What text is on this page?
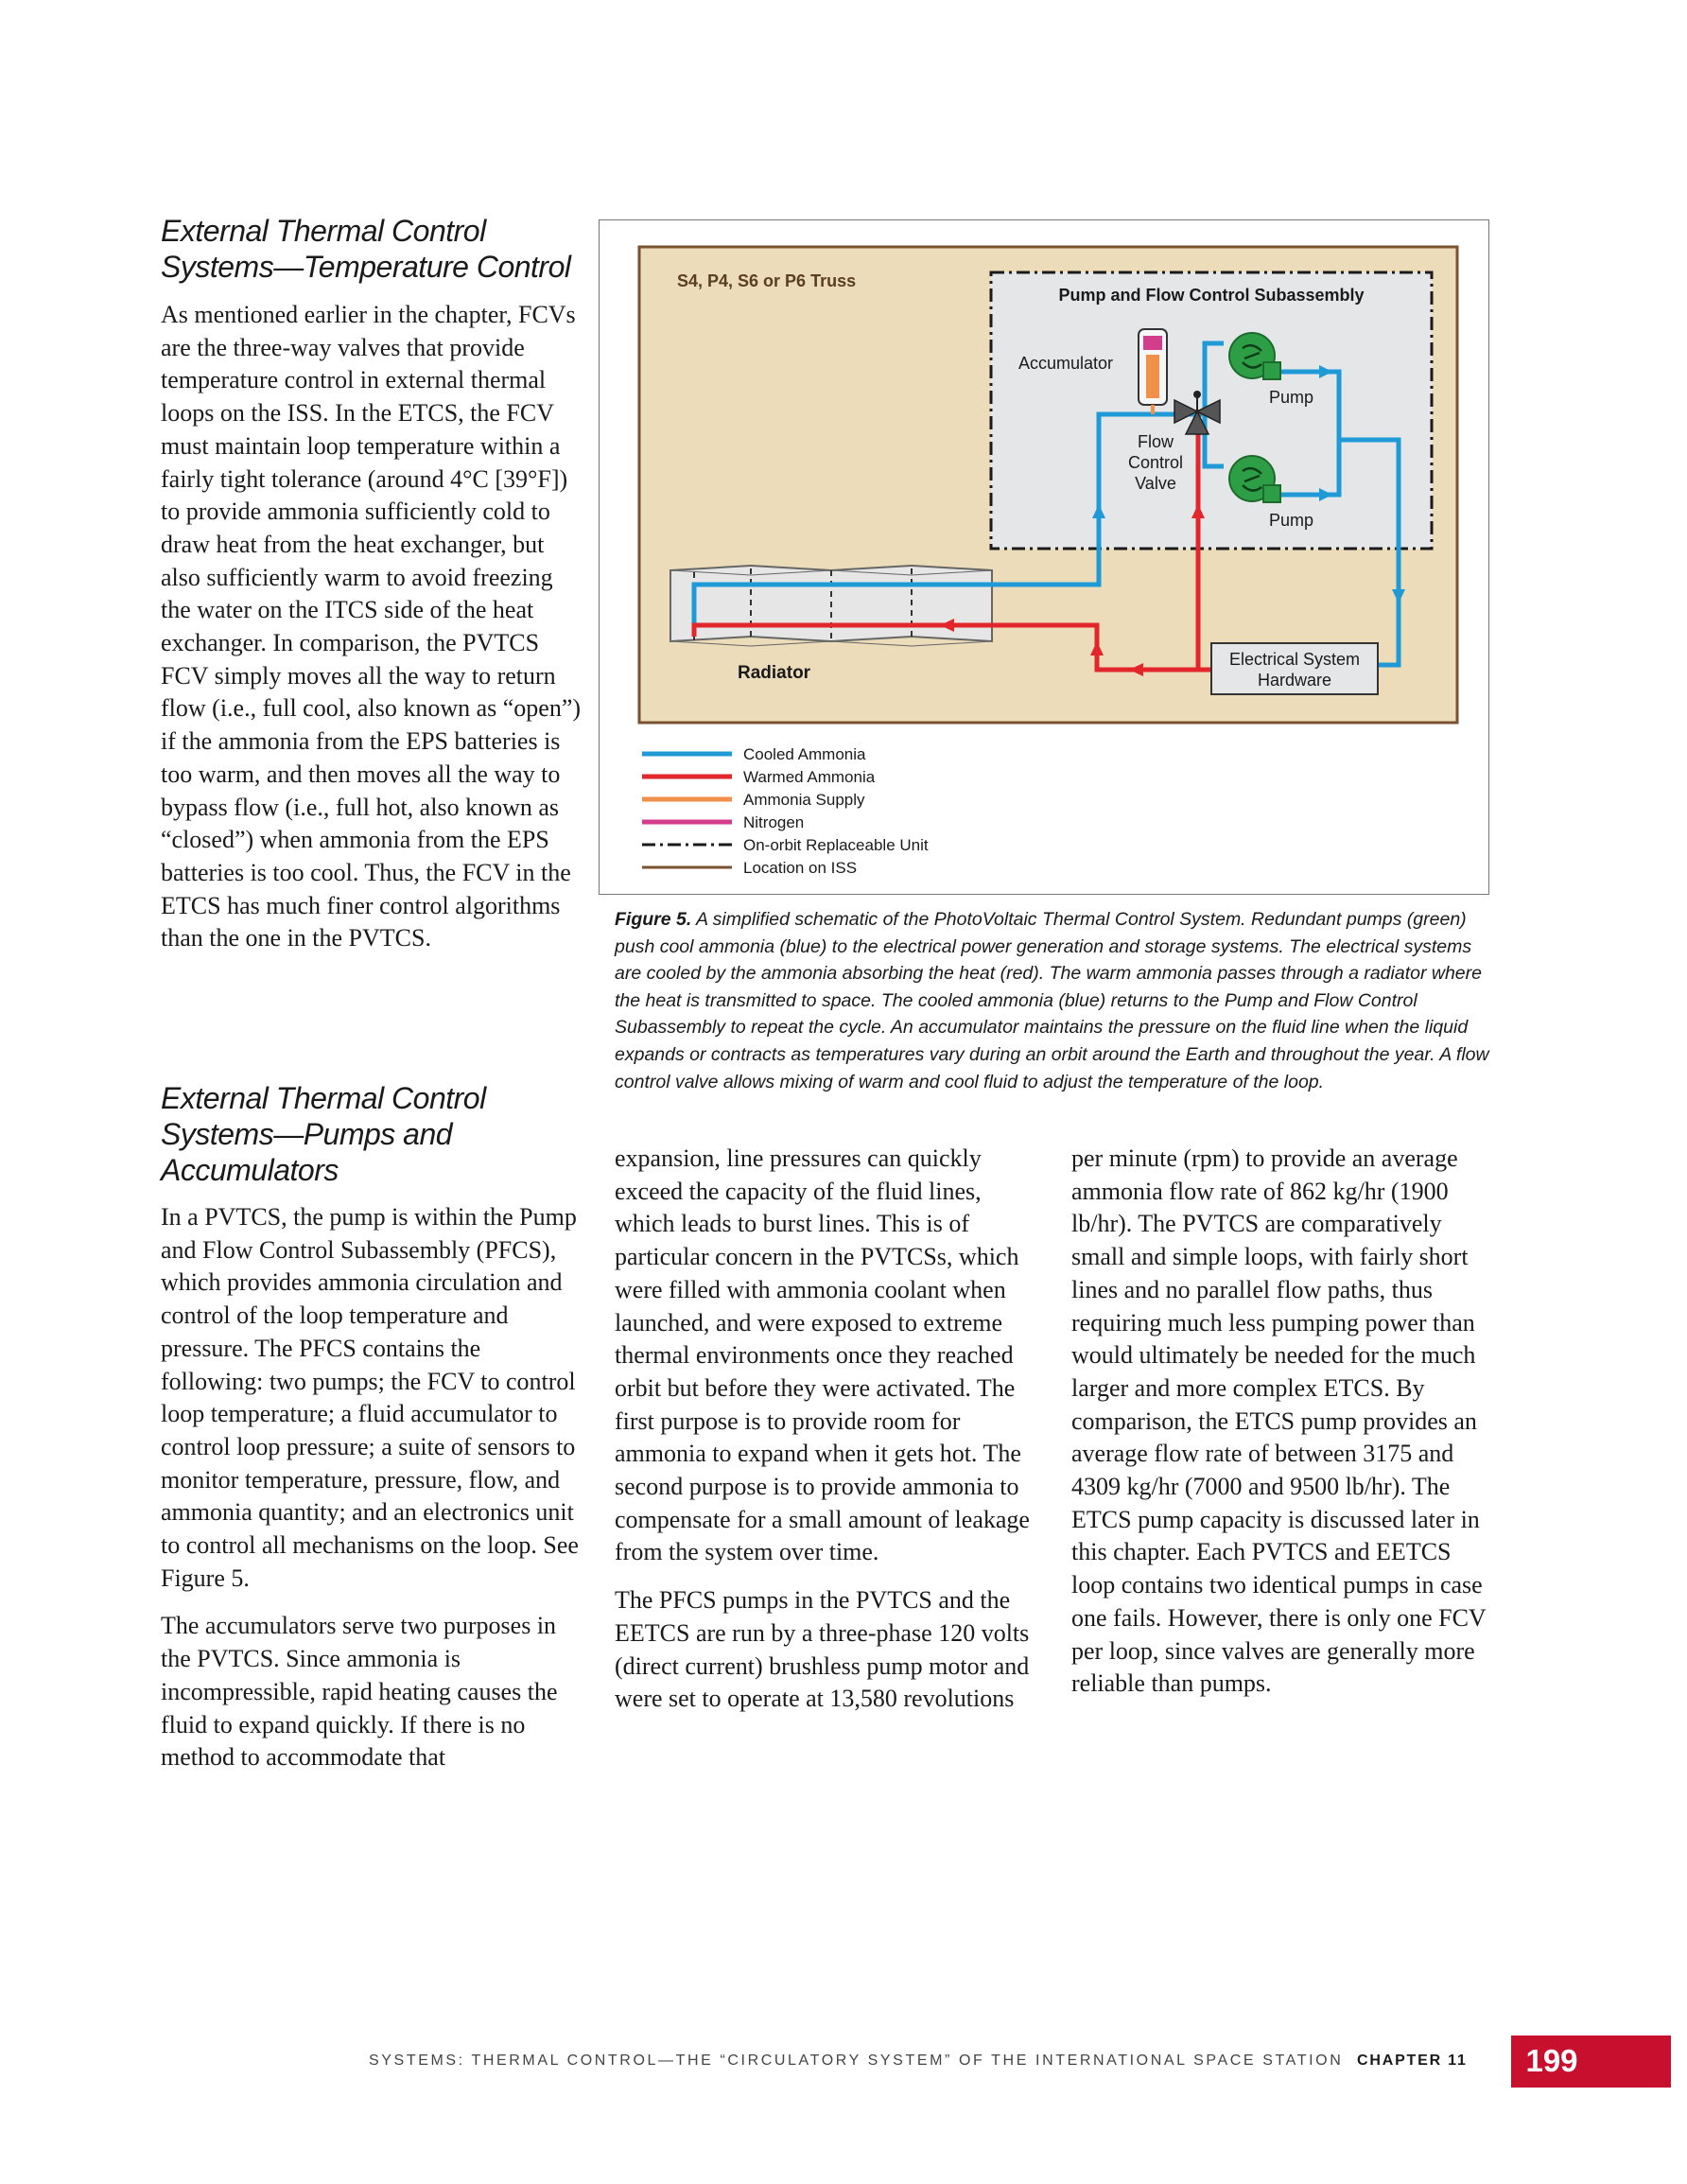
External Thermal Control
Systems—Temperature Control

As mentioned earlier in the chapter, FCVs are the three-way valves that provide temperature control in external thermal loops on the ISS. In the ETCS, the FCV must maintain loop temperature within a fairly tight tolerance (around 4°C [39°F]) to provide ammonia sufficiently cold to draw heat from the heat exchanger, but also sufficiently warm to avoid freezing the water on the ITCS side of the heat exchanger. In comparison, the PVTCS FCV simply moves all the way to return flow (i.e., full cool, also known as “open”) if the ammonia from the EPS batteries is too warm, and then moves all the way to bypass flow (i.e., full hot, also known as “closed”) when ammonia from the EPS batteries is too cool. Thus, the FCV in the ETCS has much finer control algorithms than the one in the PVTCS.

External Thermal Control
Systems—Pumps and
Accumulators

In a PVTCS, the pump is within the Pump and Flow Control Subassembly (PFCS), which provides ammonia circulation and control of the loop temperature and pressure. The PFCS contains the following: two pumps; the FCV to control loop temperature; a fluid accumulator to control loop pressure; a suite of sensors to monitor temperature, pressure, flow, and ammonia quantity; and an electronics unit to control all mechanisms on the loop. See Figure 5.

The accumulators serve two purposes in the PVTCS. Since ammonia is incompressible, rapid heating causes the fluid to expand quickly. If there is no method to accommodate that

expansion, line pressures can quickly exceed the capacity of the fluid lines, which leads to burst lines. This is of particular concern in the PVTCSs, which were filled with ammonia coolant when launched, and were exposed to extreme thermal environments once they reached orbit but before they were activated. The first purpose is to provide room for ammonia to expand when it gets hot. The second purpose is to provide ammonia to compensate for a small amount of leakage from the system over time.

The PFCS pumps in the PVTCS and the EETCS are run by a three-phase 120 volts (direct current) brushless pump motor and were set to operate at 13,580 revolutions

per minute (rpm) to provide an average ammonia flow rate of 862 kg/hr (1900 lb/hr). The PVTCS are comparatively small and simple loops, with fairly short lines and no parallel flow paths, thus requiring much less pumping power than would ultimately be needed for the much larger and more complex ETCS. By comparison, the ETCS pump provides an average flow rate of between 3175 and 4309 kg/hr (7000 and 9500 lb/hr). The ETCS pump capacity is discussed later in this chapter. Each PVTCS and EETCS loop contains two identical pumps in case one fails. However, there is only one FCV per loop, since valves are generally more reliable than pumps.

S4, P4, S6 or P6 Truss
Pump and Flow Control Subassembly
Radiator
Accumulator
Flow
Control
Valve
Pump
Pump
Electrical System
Hardware
Cooled Ammonia
Warmed Ammonia
Ammonia Supply
Nitrogen
On-orbit Replaceable Unit
Location on ISS
Figure 5. A simplified schematic of the PhotoVoltaic Thermal Control System. Redundant pumps (green) push cool ammonia (blue) to the electrical power generation and storage systems. The electrical systems are cooled by the ammonia absorbing the heat (red). The warm ammonia passes through a radiator where the heat is transmitted to space. The cooled ammonia (blue) returns to the Pump and Flow Control Subassembly to repeat the cycle. An accumulator maintains the pressure on the fluid line when the liquid expands or contracts as temperatures vary during an orbit around the Earth and throughout the year. A flow control valve allows mixing of warm and cool fluid to adjust the temperature of the loop.
SYSTEMS: THERMAL CONTROL—THE “CIRCULATORY SYSTEM” OF THE INTERNATIONAL SPACE STATION CHAPTER 11	199
